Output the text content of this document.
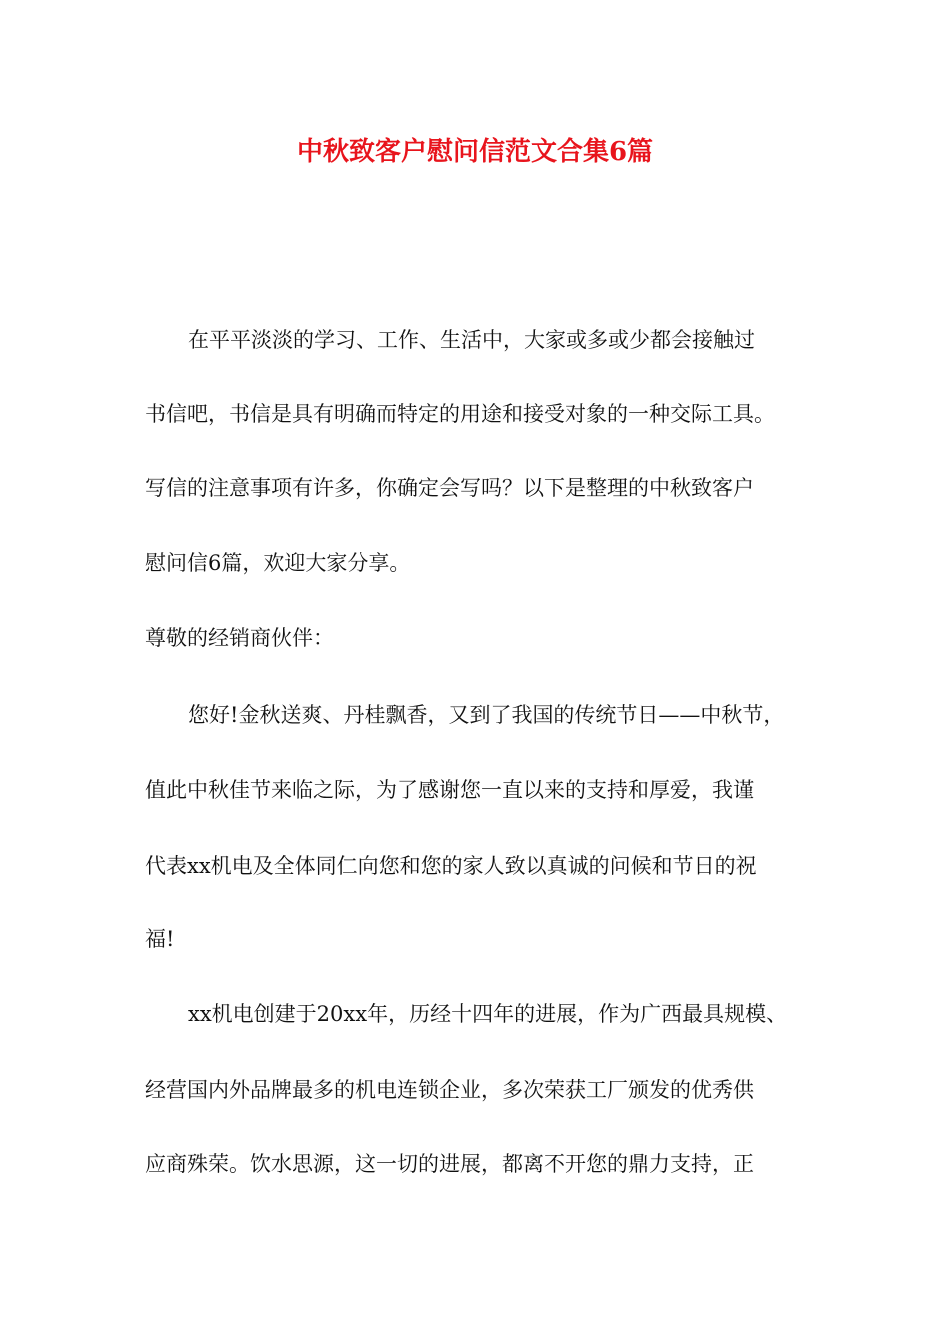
中秋致客户慰问信范文合集6篇

在平平淡淡的学习、工作、生活中，大家或多或少都会接触过

书信吧，书信是具有明确而特定的用途和接受对象的一种交际工具。

写信的注意事项有许多，你确定会写吗？以下是整理的中秋致客户

慰问信6篇，欢迎大家分享。

尊敬的经销商伙伴：

您好!金秋送爽、丹桂飘香，又到了我国的传统节日——中秋节，

值此中秋佳节来临之际，为了感谢您一直以来的支持和厚爱，我谨

代表xx机电及全体同仁向您和您的家人致以真诚的问候和节日的祝

福!

xx机电创建于20xx年，历经十四年的进展，作为广西最具规模、

经营国内外品牌最多的机电连锁企业，多次荣获工厂颁发的优秀供

应商殊荣。饮水思源，这一切的进展，都离不开您的鼎力支持，正
